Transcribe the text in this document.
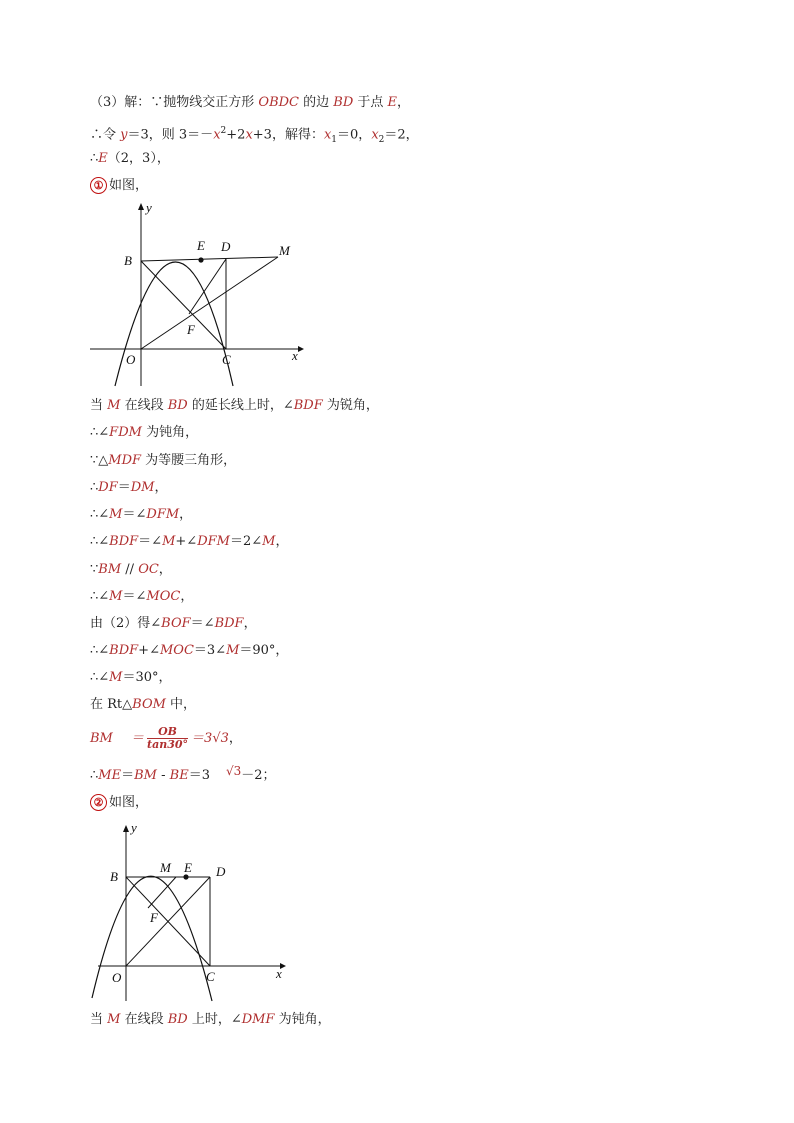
（3）解：∵抛物线交正方形 OBDC 的边 BD 于点 E，
∴令 y＝3，则 $3=-x^2+2x+3$，解得：$x_1=0$，$x_2=2$，
∴E（2，3），
① 如图，
y
x
O
B
E D	M
F
C
当 M 在线段 BD 的延长线上时，∠BDF 为锐角，
∴∠FDM 为钝角，
∵△MDF 为等腰三角形，
∴DF＝DM，
∴∠M＝∠DFM，
∴∠BDF＝∠M+∠DFM＝2∠M，
∵BM // OC，
∴∠M＝∠MOC，
由（2）得∠BOF＝∠BDF，
∴∠BDF+∠MOC＝3∠M＝90°，
∴∠M＝30°，
在 Rt△BOM 中，
BM ＝ $\frac{OB}{\tan 30^\circ} =3√3$，
∴ME＝BM - BE＝3 √3－2；
② 如图，
y
x
O
B
M E D
F
C
当 M 在线段 BD 上时，∠DMF 为钝角，
